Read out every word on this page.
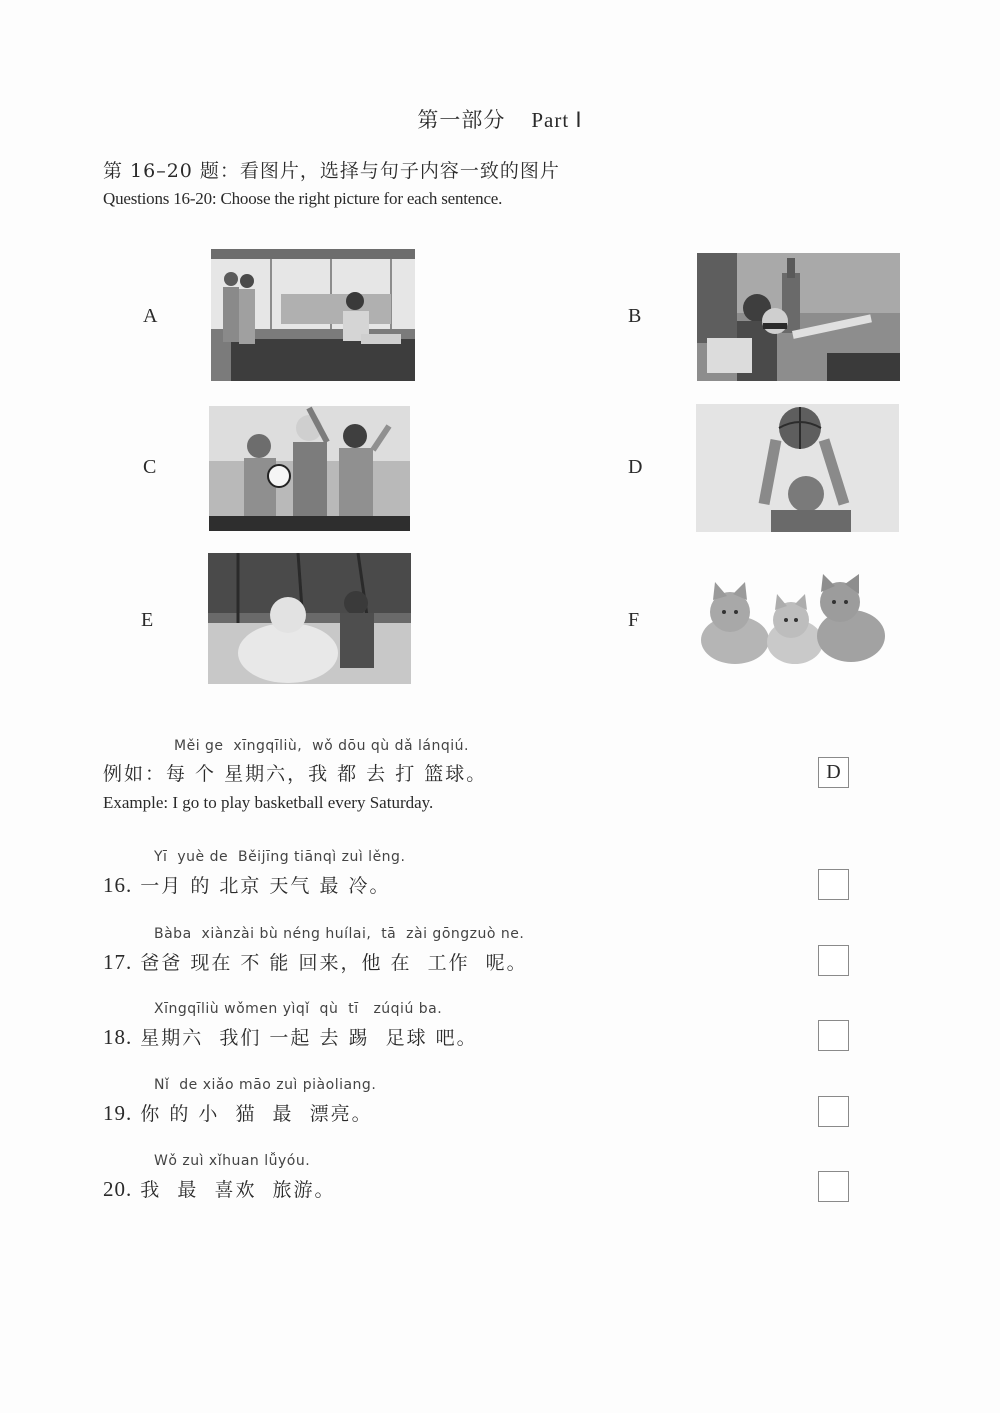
第一部分 Part Ⅰ
第 16–20 题：看图片，选择与句子内容一致的图片
Questions 16-20: Choose the right picture for each sentence.
A	B
C	D
E	F
Měi ge  xīngqīliù,  wǒ dōu qù dǎ lánqiú.
例如：每 个 星期六，我 都 去 打 篮球。
Example: I go to play basketball every Saturday.
D
Yī  yuè de  Běijīng tiānqì zuì lěng.
16. 一月 的 北京 天气 最 冷。
Bàba  xiànzài bù néng huílai,  tā  zài gōngzuò ne.
17. 爸爸 现在 不 能 回来，他 在  工作  呢。
Xīngqīliù wǒmen yìqǐ  qù  tī   zúqiú ba.
18. 星期六  我们 一起 去 踢  足球 吧。
Nǐ  de xiǎo māo zuì piàoliang.
19. 你 的 小  猫  最  漂亮。
Wǒ zuì xǐhuan lǚyóu.
20. 我  最  喜欢  旅游。
